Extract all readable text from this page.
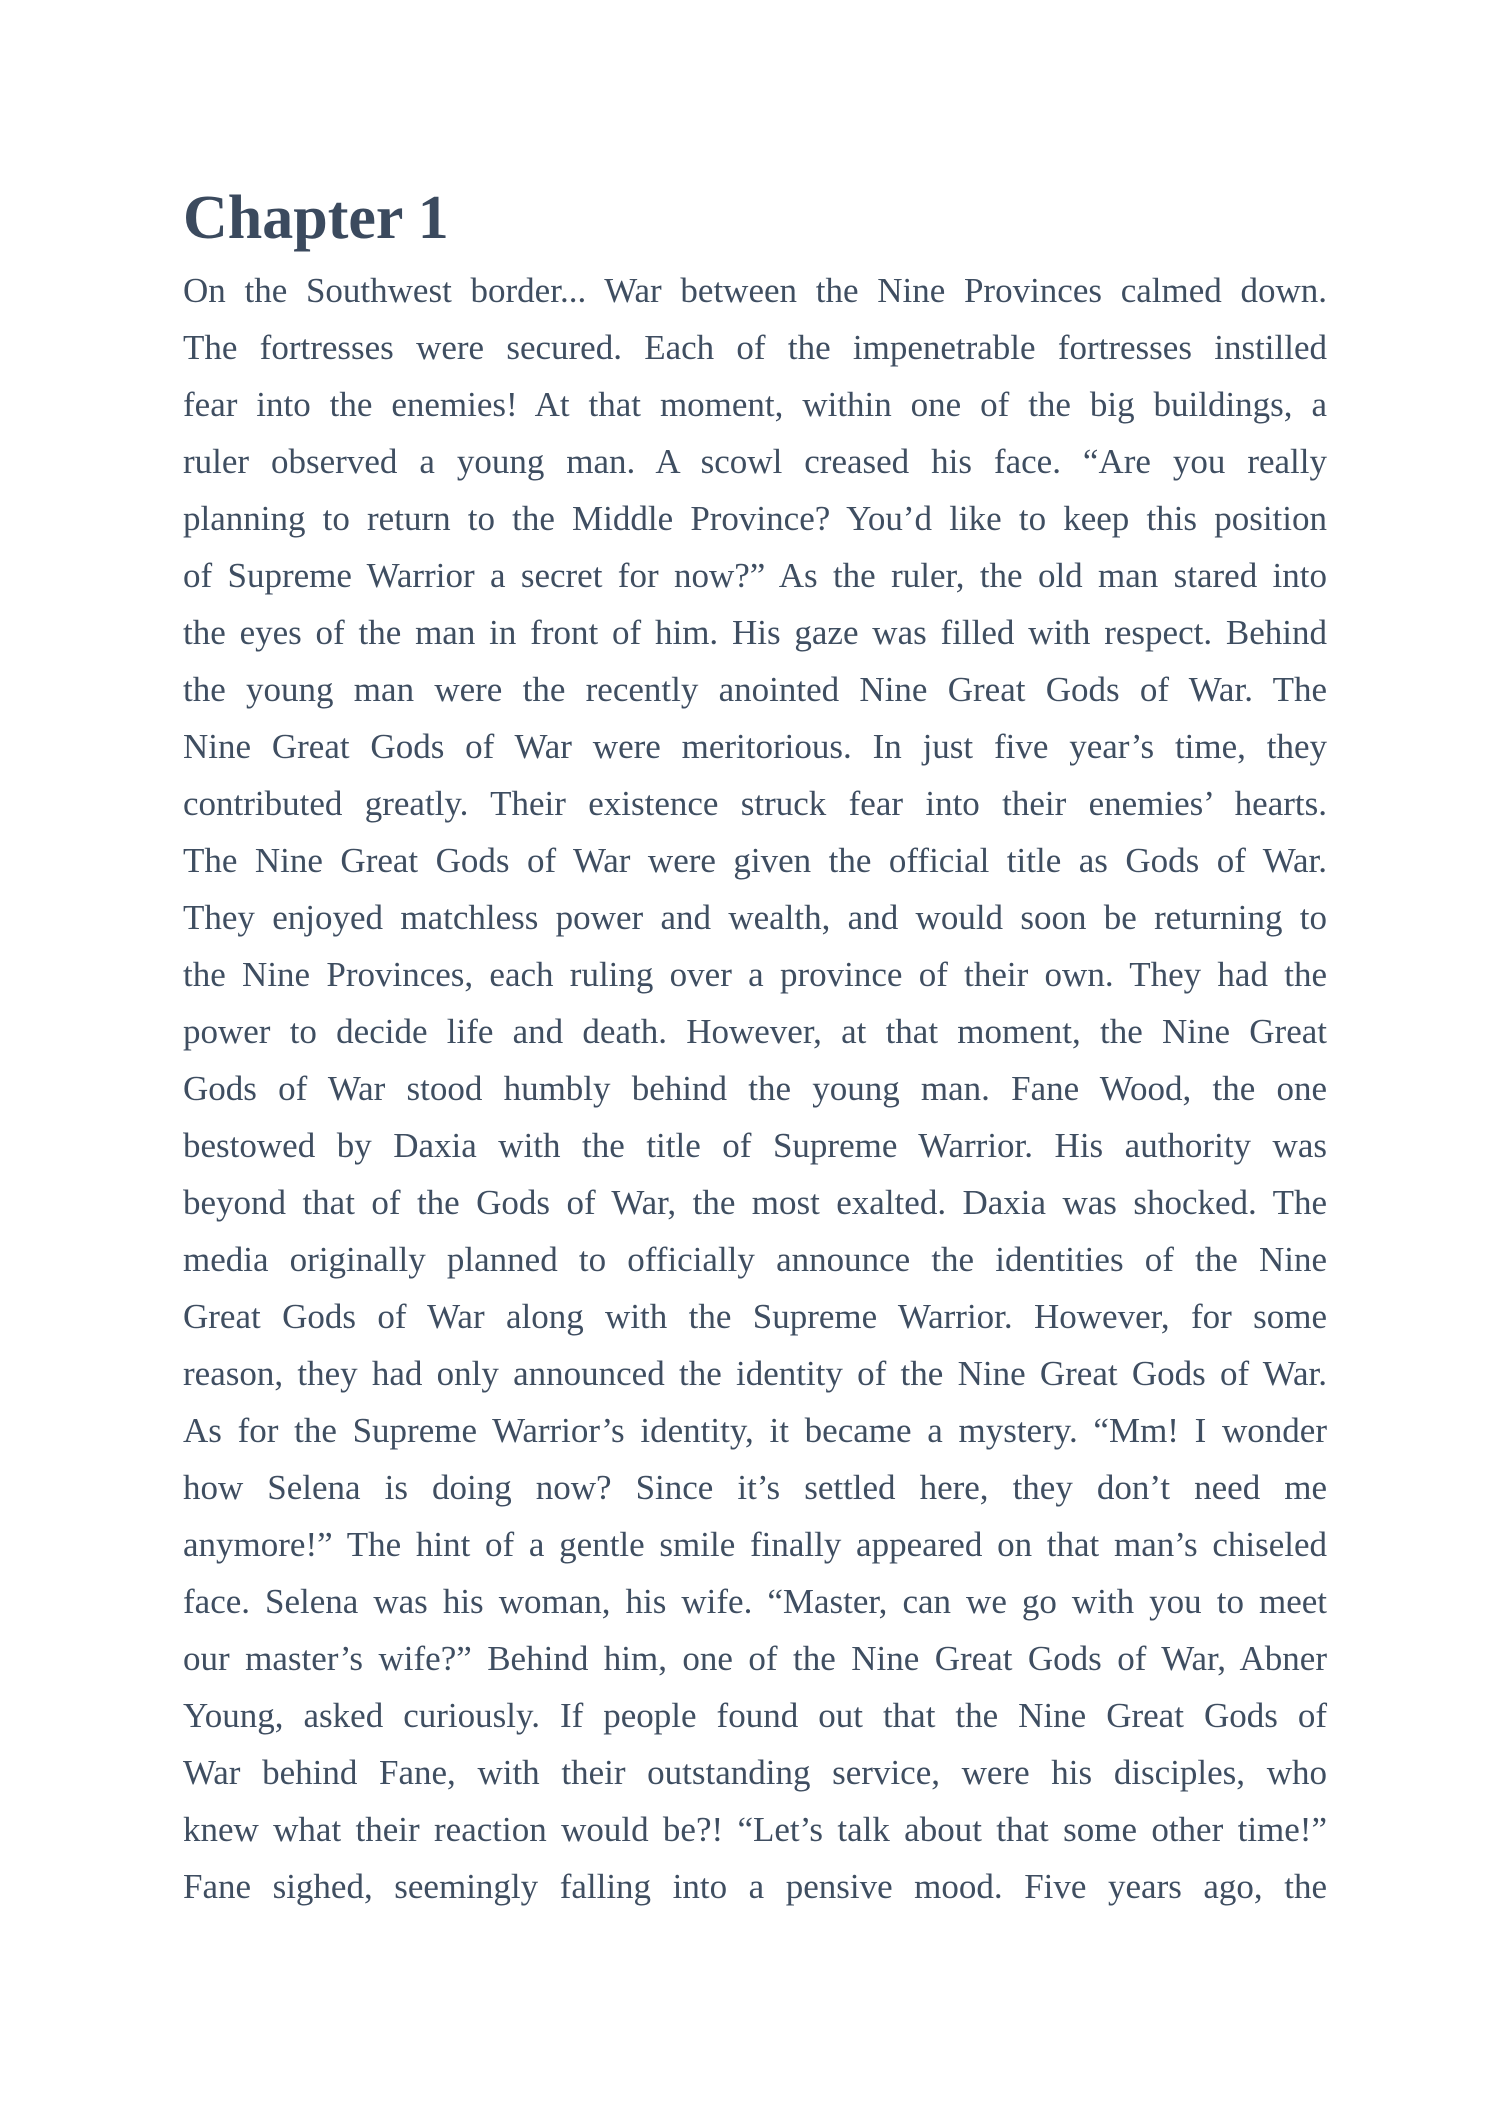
Chapter 1
On the Southwest border... War between the Nine Provinces calmed down.
The fortresses were secured. Each of the impenetrable fortresses instilled
fear into the enemies! At that moment, within one of the big buildings, a
ruler observed a young man. A scowl creased his face. “Are you really
planning to return to the Middle Province? You’d like to keep this position
of Supreme Warrior a secret for now?” As the ruler, the old man stared into
the eyes of the man in front of him. His gaze was filled with respect. Behind
the young man were the recently anointed Nine Great Gods of War. The
Nine Great Gods of War were meritorious. In just five year’s time, they
contributed greatly. Their existence struck fear into their enemies’ hearts.
The Nine Great Gods of War were given the official title as Gods of War.
They enjoyed matchless power and wealth, and would soon be returning to
the Nine Provinces, each ruling over a province of their own. They had the
power to decide life and death. However, at that moment, the Nine Great
Gods of War stood humbly behind the young man. Fane Wood, the one
bestowed by Daxia with the title of Supreme Warrior. His authority was
beyond that of the Gods of War, the most exalted. Daxia was shocked. The
media originally planned to officially announce the identities of the Nine
Great Gods of War along with the Supreme Warrior. However, for some
reason, they had only announced the identity of the Nine Great Gods of War.
As for the Supreme Warrior’s identity, it became a mystery. “Mm! I wonder
how Selena is doing now? Since it’s settled here, they don’t need me
anymore!” The hint of a gentle smile finally appeared on that man’s chiseled
face. Selena was his woman, his wife. “Master, can we go with you to meet
our master’s wife?” Behind him, one of the Nine Great Gods of War, Abner
Young, asked curiously. If people found out that the Nine Great Gods of
War behind Fane, with their outstanding service, were his disciples, who
knew what their reaction would be?! “Let’s talk about that some other time!”
Fane sighed, seemingly falling into a pensive mood. Five years ago, the
